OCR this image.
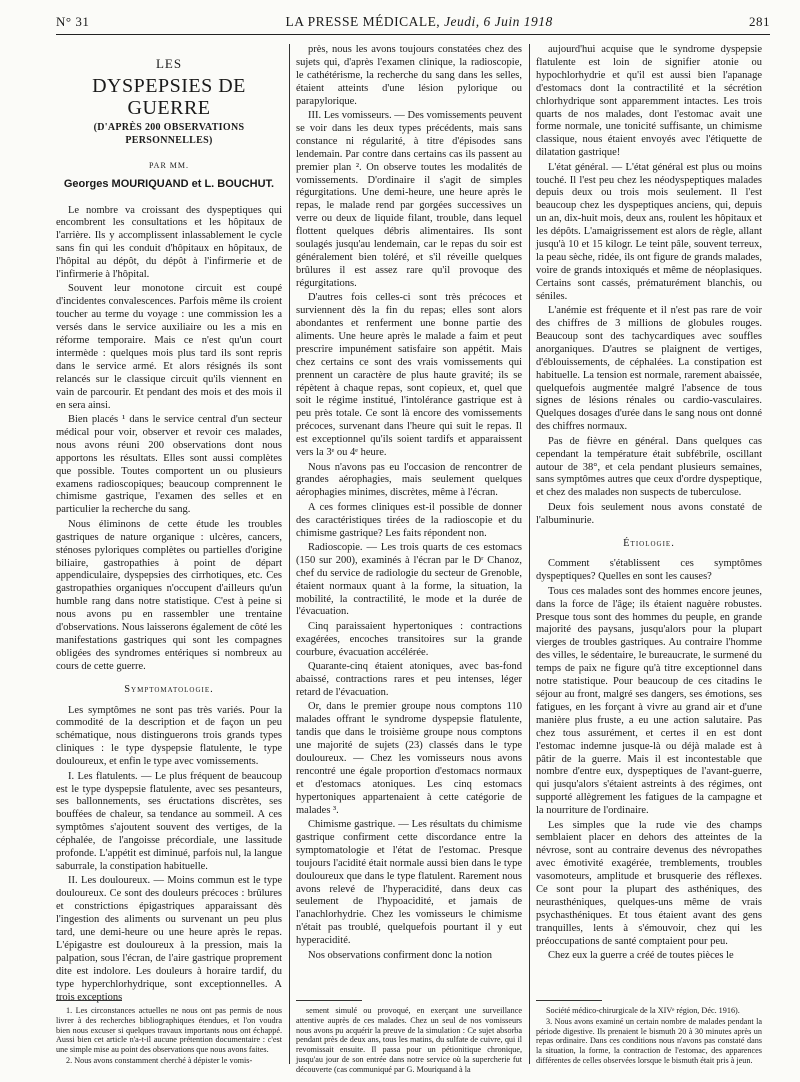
N° 31	LA PRESSE MÉDICALE, Jeudi, 6 Juin 1918	281
LES
DYSPEPSIES DE GUERRE
(D'APRÈS 200 OBSERVATIONS PERSONNELLES)
PAR MM.
Georges MOURIQUAND et L. BOUCHUT.

Le nombre va croissant des dyspeptiques qui encombrent les consultations et les hôpitaux de l'arrière. Ils y accomplissent inlassablement le cycle sans fin qui les conduit d'hôpitaux en hôpitaux, de l'hôpital au dépôt, du dépôt à l'infirmerie et de l'infirmerie à l'hôpital.

Souvent leur monotone circuit est coupé d'incidentes convalescences. Parfois même ils croient toucher au terme du voyage : une commission les a versés dans le service auxiliaire ou les a mis en réforme temporaire. Mais ce n'est qu'un court intermède : quelques mois plus tard ils sont repris dans le service armé. Et alors résignés ils sont relancés sur le classique circuit qu'ils viennent en vain de parcourir. Et pendant des mois et des mois il en sera ainsi.

Bien placés ¹ dans le service central d'un secteur médical pour voir, observer et revoir ces malades, nous avons réuni 200 observations dont nous apportons les résultats. Elles sont aussi complètes que possible. Toutes comportent un ou plusieurs examens radioscopiques; beaucoup comprennent le chimisme gastrique, l'examen des selles et en particulier la recherche du sang.

Nous éliminons de cette étude les troubles gastriques de nature organique : ulcères, cancers, sténoses pyloriques complètes ou partielles d'origine biliaire, gastropathies à point de départ appendiculaire, dyspepsies des cirrhotiques, etc. Ces gastropathies organiques n'occupent d'ailleurs qu'un humble rang dans notre statistique. C'est à peine si nous avons pu en rassembler une trentaine d'observations. Nous laisserons également de côté les manifestations gastriques qui sont les compagnes obligées des syndromes entériques si nombreux au cours de cette guerre.

Symptomatologie.

Les symptômes ne sont pas très variés. Pour la commodité de la description et de façon un peu schématique, nous distinguerons trois grands types cliniques : le type dyspepsie flatulente, le type douloureux, et enfin le type avec vomissements.

I. Les flatulents. — Le plus fréquent de beaucoup est le type dyspepsie flatulente, avec ses pesanteurs, ses ballonnements, ses éructations discrètes, ses bouffées de chaleur, sa tendance au sommeil. A ces symptômes s'ajoutent souvent des vertiges, de la céphalée, de l'angoisse précordiale, une lassitude profonde. L'appétit est diminué, parfois nul, la langue saburrale, la constipation habituelle.

II. Les douloureux. — Moins commun est le type douloureux. Ce sont des douleurs précoces : brûlures et constrictions épigastriques apparaissant dès l'ingestion des aliments ou survenant un peu plus tard, une demi-heure ou une heure après le repas. L'épigastre est douloureux à la pression, mais la palpation, sous l'écran, de l'aire gastrique proprement dite est indolore. Les douleurs à horaire tardif, du type hyperchlorhydrique, sont exceptionnelles. A trois exceptions

près, nous les avons toujours constatées chez des sujets qui, d'après l'examen clinique, la radioscopie, le cathétérisme, la recherche du sang dans les selles, étaient atteints d'une lésion pylorique ou parapylorique.

III. Les vomisseurs. — Des vomissements peuvent se voir dans les deux types précédents, mais sans constance ni régularité, à titre d'épisodes sans lendemain. Par contre dans certains cas ils passent au premier plan ². On observe toutes les modalités de vomissements. D'ordinaire il s'agit de simples régurgitations. Une demi-heure, une heure après le repas, le malade rend par gorgées successives un verre ou deux de liquide filant, trouble, dans lequel flottent quelques débris alimentaires. Ils sont soulagés jusqu'au lendemain, car le repas du soir est généralement bien toléré, et s'il réveille quelques brûlures il est assez rare qu'il provoque des régurgitations.

D'autres fois celles-ci sont très précoces et surviennent dès la fin du repas; elles sont alors abondantes et renferment une bonne partie des aliments. Une heure après le malade a faim et peut prescrire impunément satisfaire son appétit. Mais chez certains ce sont des vrais vomissements qui prennent un caractère de plus haute gravité; ils se répètent à chaque repas, sont copieux, et, quel que soit le régime institué, l'intolérance gastrique est à peu près totale. Ce sont là encore des vomissements précoces, survenant dans l'heure qui suit le repas. Il est exceptionnel qu'ils soient tardifs et apparaissent vers la 3ᵉ ou 4ᵉ heure.

Nous n'avons pas eu l'occasion de rencontrer de grandes aérophagies, mais seulement quelques aérophagies minimes, discrètes, même à l'écran.

A ces formes cliniques est-il possible de donner des caractéristiques tirées de la radioscopie et du chimisme gastrique? Les faits répondent non.

Radioscopie. — Les trois quarts de ces estomacs (150 sur 200), examinés à l'écran par le Dʳ Chanoz, chef du service de radiologie du secteur de Grenoble, étaient normaux quant à la forme, la situation, la mobilité, la contractilité, le mode et la durée de l'évacuation.

Cinq paraissaient hypertoniques : contractions exagérées, encoches transitoires sur la grande courbure, évacuation accélérée.

Quarante-cinq étaient atoniques, avec bas-fond abaissé, contractions rares et peu intenses, léger retard de l'évacuation.

Or, dans le premier groupe nous comptons 110 malades offrant le syndrome dyspepsie flatulente, tandis que dans le troisième groupe nous comptons une majorité de sujets (23) classés dans le type douloureux. — Chez les vomisseurs nous avons rencontré une égale proportion d'estomacs normaux et d'estomacs atoniques. Les cinq estomacs hypertoniques appartenaient à cette catégorie de malades ³.

Chimisme gastrique. — Les résultats du chimisme gastrique confirment cette discordance entre la symptomatologie et l'état de l'estomac. Presque toujours l'acidité était normale aussi bien dans le type douloureux que dans le type flatulent. Rarement nous avons relevé de l'hyperacidité, dans deux cas seulement de l'hypoacidité, et jamais de l'anachlorhydrie. Chez les vomisseurs le chimisme n'était pas troublé, quelquefois pourtant il y eut hyperacidité.

Nos observations confirment donc la notion

aujourd'hui acquise que le syndrome dyspepsie flatulente est loin de signifier atonie ou hypochlorhydrie et qu'il est aussi bien l'apanage d'estomacs dont la contractilité et la sécrétion chlorhydrique sont apparemment intactes. Les trois quarts de nos malades, dont l'estomac avait une forme normale, une tonicité suffisante, un chimisme classique, nous étaient envoyés avec l'étiquette de dilatation gastrique!

L'état général. — L'état général est plus ou moins touché. Il l'est peu chez les néodyspeptiques malades depuis deux ou trois mois seulement. Il l'est beaucoup chez les dyspeptiques anciens, qui, depuis un an, dix-huit mois, deux ans, roulent les hôpitaux et les dépôts. L'amaigrissement est alors de règle, allant jusqu'à 10 et 15 kilogr. Le teint pâle, souvent terreux, la peau sèche, ridée, ils ont figure de grands malades, voire de grands intoxiqués et même de néoplasiques. Certains sont cassés, prématurément blanchis, ou séniles.

L'anémie est fréquente et il n'est pas rare de voir des chiffres de 3 millions de globules rouges. Beaucoup sont des tachycardiques avec souffles anorganiques. D'autres se plaignent de vertiges, d'éblouissements, de céphalées. La constipation est habituelle. La tension est normale, rarement abaissée, quelquefois augmentée malgré l'absence de tous signes de lésions rénales ou cardio-vasculaires. Quelques dosages d'urée dans le sang nous ont donné des chiffres normaux.

Pas de fièvre en général. Dans quelques cas cependant la température était subfébrile, oscillant autour de 38°, et cela pendant plusieurs semaines, sans symptômes autres que ceux d'ordre dyspeptique, et chez des malades non suspects de tuberculose.

Deux fois seulement nous avons constaté de l'albuminurie.

Étiologie.

Comment s'établissent ces symptômes dyspeptiques? Quelles en sont les causes?

Tous ces malades sont des hommes encore jeunes, dans la force de l'âge; ils étaient naguère robustes. Presque tous sont des hommes du peuple, en grande majorité des paysans, jusqu'alors pour la plupart vierges de troubles gastriques. Au contraire l'homme des villes, le sédentaire, le bureaucrate, le surmené du temps de paix ne figure qu'à titre exceptionnel dans notre statistique. Pour beaucoup de ces citadins le séjour au front, malgré ses dangers, ses émotions, ses fatigues, en les forçant à vivre au grand air et d'une manière plus fruste, a eu une action salutaire. Pas chez tous assurément, et certes il en est dont l'estomac indemne jusque-là ou déjà malade est à pâtir de la guerre. Mais il est incontestable que nombre d'entre eux, dyspeptiques de l'avant-guerre, qui jusqu'alors s'étaient astreints à des régimes, ont supporté allègrement les fatigues de la campagne et la nourriture de l'ordinaire.

Les simples que la rude vie des champs semblaient placer en dehors des atteintes de la névrose, sont au contraire devenus des névropathes avec émotivité exagérée, tremblements, troubles vasomoteurs, amplitude et brusquerie des réflexes. Ce sont pour la plupart des asthéniques, des neurasthéniques, quelques-uns même de vrais psychasthéniques. Et tous étaient avant des gens tranquilles, lents à s'émouvoir, chez qui les préoccupations de santé comptaient pour peu.

Chez eux la guerre a créé de toutes pièces le

1. Les circonstances actuelles ne nous ont pas permis de nous livrer à des recherches bibliographiques étendues, et l'on voudra bien nous excuser si quelques travaux importants nous ont échappé. Aussi bien cet article n'a-t-il aucune prétention documentaire : c'est une simple mise au point des observations que nous avons faites.

2. Nous avons constamment cherché à dépister le vomis-

sement simulé ou provoqué, en exerçant une surveillance attentive auprès de ces malades. Chez un seul de nos vomisseurs nous avons pu acquérir la preuve de la simulation : Ce sujet absorba pendant près de deux ans, tous les matins, du sulfate de cuivre, qui il revomissait ensuite. Il passa pour un pétionitique chronique, jusqu'au jour de son entrée dans notre service où la supercherie fut découverte (cas communiqué par G. Mouriquand à la

Société médico-chirurgicale de la XIVᵉ région, Déc. 1916).

3. Nous avons examiné un certain nombre de malades pendant la période digestive. Ils prenaient le bismuth 20 à 30 minutes après un repas ordinaire. Dans ces conditions nous n'avons pas constaté dans la situation, la forme, la contraction de l'estomac, des apparences différentes de celles observées lorsque le bismuth était pris à jeun.
